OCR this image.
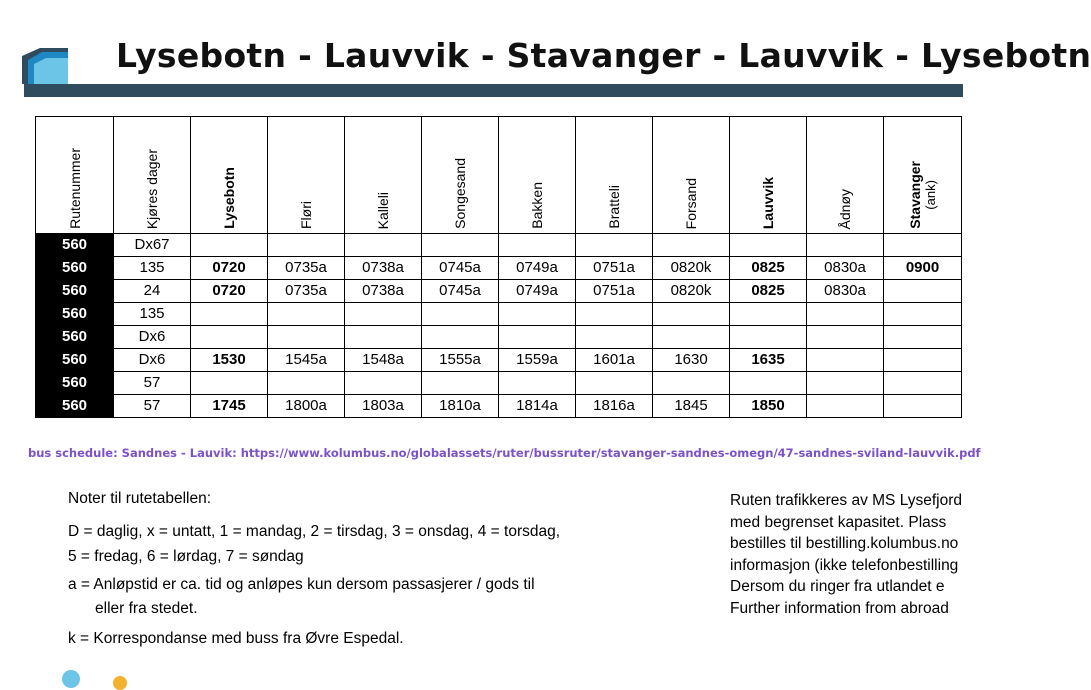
Lysebotn - Lauvvik - Stavanger - Lauvvik - Lysebotn
Rutenummer	Kjøres dager	Lysebotn	Fløri	Kalleli	Songesand	Bakken	Bratteli	Forsand	Lauvvik	Ådnøy	Stavanger
(ank)
560	Dx67										
560	135	0720	0735a	0738a	0745a	0749a	0751a	0820k	0825	0830a	0900
560	24	0720	0735a	0738a	0745a	0749a	0751a	0820k	0825	0830a	
560	135										
560	Dx6										
560	Dx6	1530	1545a	1548a	1555a	1559a	1601a	1630	1635		
560	57										
560	57	1745	1800a	1803a	1810a	1814a	1816a	1845	1850		
bus schedule: Sandnes - Lauvik: https://www.kolumbus.no/globalassets/ruter/bussruter/stavanger-sandnes-omegn/47-sandnes-sviland-lauvvik.pdf

Noter til rutetabellen:

D = daglig, x = untatt, 1 = mandag, 2 = tirsdag, 3 = onsdag, 4 = torsdag,

5 = fredag, 6 = lørdag, 7 = søndag

a = Anløpstid er ca. tid og anløpes kun dersom passasjerer / gods til

eller fra stedet.

k = Korrespondanse med buss fra Øvre Espedal.

Ruten trafikkeres av MS Lysefjord
med begrenset kapasitet. Plass
bestilles til bestilling.kolumbus.no
informasjon (ikke telefonbestilling
Dersom du ringer fra utlandet e
Further information from abroad
